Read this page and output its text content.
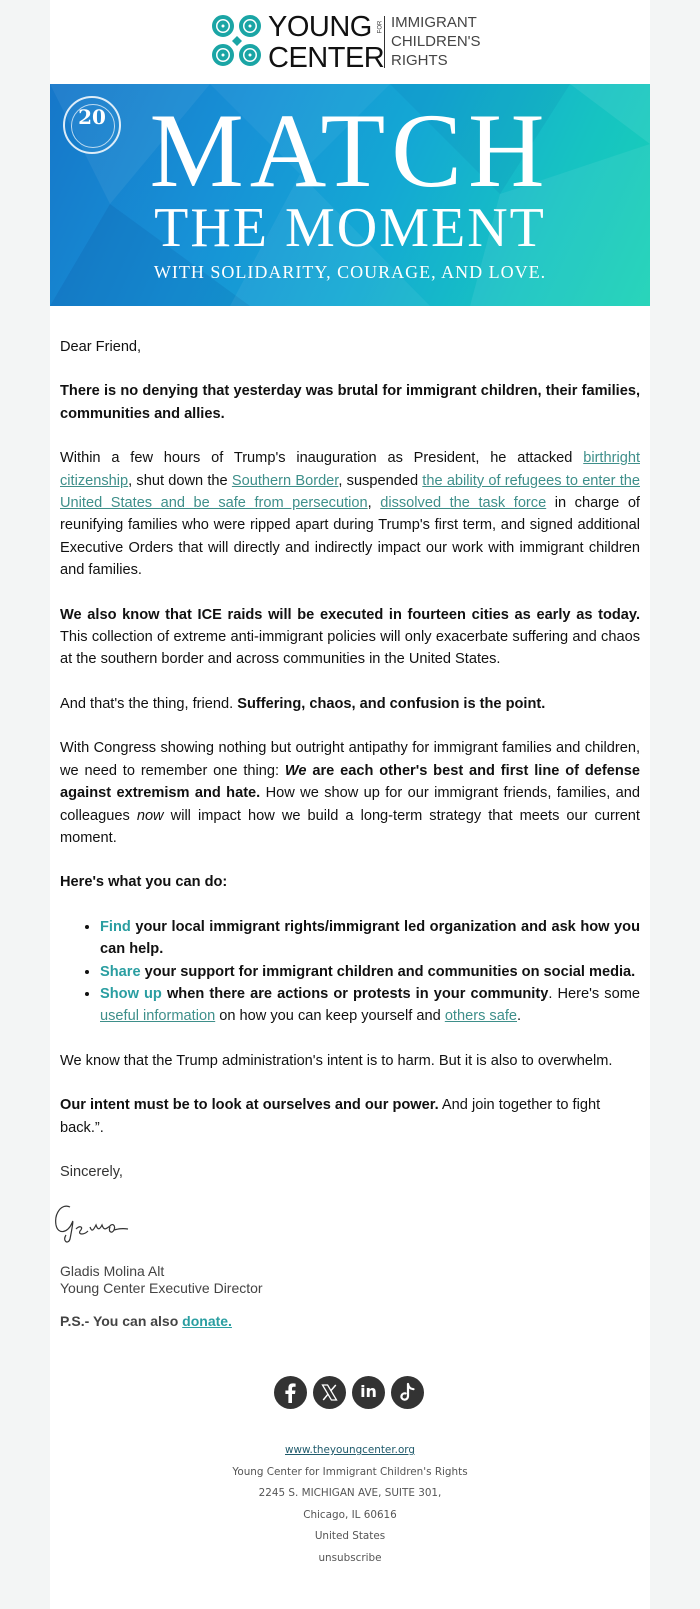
YOUNG
CENTER
FOR IMMIGRANT
CHILDREN'S
RIGHTS
20 MATCH
THE MOMENT
WITH SOLIDARITY, COURAGE, AND LOVE.

Dear Friend,

There is no denying that yesterday was brutal for immigrant children, their families, communities and allies.

Within a few hours of Trump's inauguration as President, he attacked birthright citizenship, shut down the Southern Border, suspended the ability of refugees to enter the United States and be safe from persecution, dissolved the task force in charge of reunifying families who were ripped apart during Trump's first term, and signed additional Executive Orders that will directly and indirectly impact our work with immigrant children and families.

We also know that ICE raids will be executed in fourteen cities as early as today. This collection of extreme anti-immigrant policies will only exacerbate suffering and chaos at the southern border and across communities in the United States.

And that's the thing, friend. Suffering, chaos, and confusion is the point.

With Congress showing nothing but outright antipathy for immigrant families and children, we need to remember one thing: We are each other's best and first line of defense against extremism and hate. How we show up for our immigrant friends, families, and colleagues now will impact how we build a long-term strategy that meets our current moment.

Here's what you can do:

• Find your local immigrant rights/immigrant led organization and ask how you can help.
• Share your support for immigrant children and communities on social media.
• Show up when there are actions or protests in your community. Here's some useful information on how you can keep yourself and others safe.

We know that the Trump administration's intent is to harm. But it is also to overwhelm.

Our intent must be to look at ourselves and our power. And join together to fight back.”.

Sincerely,

Gladis Molina Alt
Young Center Executive Director
P.S.- You can also donate.
in
www.theyoungcenter.org
Young Center for Immigrant Children's Rights
2245 S. MICHIGAN AVE, SUITE 301,
Chicago, IL 60616
United States
unsubscribe
